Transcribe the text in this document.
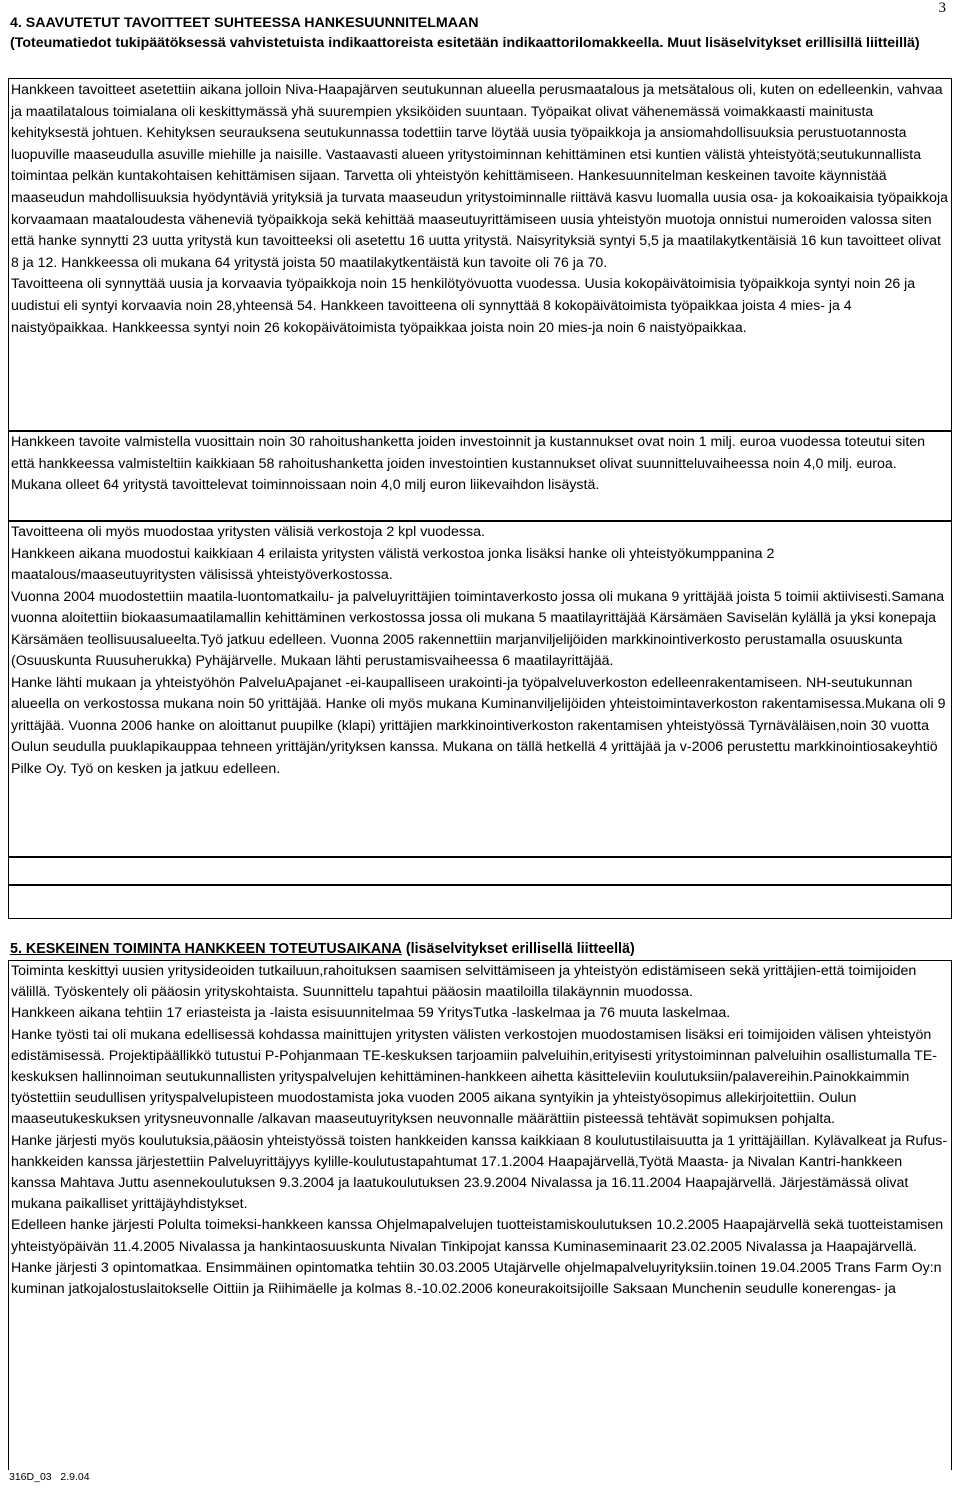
3
4. SAAVUTETUT TAVOITTEET SUHTEESSA HANKESUUNNITELMAAN
(Toteumatiedot tukipäätöksessä vahvistetuista indikaattoreista esitetään indikaattorilomakkeella. Muut lisäselvitykset erillisillä liitteillä)

Hankkeen tavoitteet asetettiin aikana jolloin Niva-Haapajärven seutukunnan alueella perusmaatalous ja metsätalous oli, kuten on edelleenkin, vahvaa ja maatilatalous toimialana oli keskittymässä yhä suurempien yksiköiden suuntaan. Työpaikat olivat vähenemässä voimakkaasti mainitusta kehityksestä johtuen. Kehityksen seurauksena seutukunnassa todettiin tarve löytää uusia työpaikkoja ja ansiomahdollisuuksia perustuotannosta luopuville maaseudulla asuville miehille ja naisille. Vastaavasti alueen yritystoiminnan kehittäminen etsi kuntien välistä yhteistyötä;seutukunnallista toimintaa pelkän kuntakohtaisen kehittämisen sijaan. Tarvetta oli yhteistyön kehittämiseen. Hankesuunnitelman keskeinen tavoite käynnistää maaseudun mahdollisuuksia hyödyntäviä yrityksiä ja turvata maaseudun yritystoiminnalle riittävä kasvu luomalla uusia osa- ja kokoaikaisia työpaikkoja korvaamaan maataloudesta väheneviä työpaikkoja sekä kehittää maaseutuyrittämiseen uusia yhteistyön muotoja onnistui numeroiden valossa siten että hanke synnytti 23 uutta yritystä kun tavoitteeksi oli asetettu 16 uutta yritystä. Naisyrityksiä syntyi 5,5 ja maatilakytkentäisiä 16 kun tavoitteet olivat 8 ja 12. Hankkeessa oli mukana 64 yritystä joista 50 maatilakytkentäistä kun tavoite oli 76 ja 70.

Tavoitteena oli synnyttää uusia ja korvaavia työpaikkoja noin 15 henkilötyövuotta vuodessa. Uusia kokopäivätoimisia työpaikkoja syntyi noin 26 ja uudistui eli syntyi korvaavia noin 28,yhteensä 54. Hankkeen tavoitteena oli synnyttää 8 kokopäivätoimista työpaikkaa joista 4 mies- ja 4 naistyöpaikkaa. Hankkeessa syntyi noin 26 kokopäivätoimista työpaikkaa joista noin 20 mies-ja noin 6 naistyöpaikkaa.

Hankkeen tavoite valmistella vuosittain noin 30 rahoitushanketta joiden investoinnit ja kustannukset ovat noin 1 milj. euroa vuodessa toteutui siten että hankkeessa valmisteltiin kaikkiaan 58 rahoitushanketta joiden investointien kustannukset olivat suunnitteluvaiheessa noin 4,0 milj. euroa.

Mukana olleet 64 yritystä tavoittelevat toiminnoissaan noin 4,0 milj euron liikevaihdon lisäystä.

Tavoitteena oli myös muodostaa yritysten välisiä verkostoja 2 kpl vuodessa.

Hankkeen aikana muodostui kaikkiaan 4 erilaista yritysten välistä verkostoa jonka lisäksi hanke oli yhteistyökumppanina 2 maatalous/maaseutuyritysten välisissä yhteistyöverkostossa.

Vuonna 2004 muodostettiin maatila-luontomatkailu- ja palveluyrittäjien toimintaverkosto jossa oli mukana 9 yrittäjää joista 5 toimii aktiivisesti.Samana vuonna aloitettiin biokaasumaatilamallin kehittäminen verkostossa jossa oli mukana 5 maatilayrittäjää Kärsämäen Saviselän kylällä ja yksi konepaja Kärsämäen teollisuusalueelta.Työ jatkuu edelleen. Vuonna 2005 rakennettiin marjanviljelijöiden markkinointiverkosto perustamalla osuuskunta (Osuuskunta Ruusuherukka) Pyhäjärvelle. Mukaan lähti perustamisvaiheessa 6 maatilayrittäjää.

Hanke lähti mukaan ja yhteistyöhön PalveluApajanet -ei-kaupalliseen urakointi-ja työpalveluverkoston edelleenrakentamiseen. NH-seutukunnan alueella on verkostossa mukana noin 50 yrittäjää. Hanke oli myös mukana Kuminanviljelijöiden yhteistoimintaverkoston rakentamisessa.Mukana oli 9 yrittäjää. Vuonna 2006 hanke on aloittanut puupilke (klapi) yrittäjien markkinointiverkoston rakentamisen yhteistyössä Tyrnäväläisen,noin 30 vuotta Oulun seudulla puuklapikauppaa tehneen yrittäjän/yrityksen kanssa. Mukana on tällä hetkellä 4 yrittäjää ja v-2006 perustettu markkinointiosakeyhtiö Pilke Oy. Työ on kesken ja jatkuu edelleen.

5. KESKEINEN TOIMINTA HANKKEEN TOTEUTUSAIKANA (lisäselvitykset erillisellä liitteellä)

Toiminta keskittyi uusien yritysideoiden tutkailuun,rahoituksen saamisen selvittämiseen ja yhteistyön edistämiseen sekä yrittäjien-että toimijoiden välillä. Työskentely oli pääosin yrityskohtaista. Suunnittelu tapahtui pääosin maatiloilla tilakäynnin muodossa.

Hankkeen aikana tehtiin 17 eriasteista ja -laista esisuunnitelmaa 59 YritysTutka -laskelmaa ja 76 muuta laskelmaa.

Hanke työsti tai oli mukana edellisessä kohdassa mainittujen yritysten välisten verkostojen muodostamisen lisäksi eri toimijoiden välisen yhteistyön edistämisessä. Projektipäällikkö tutustui P-Pohjanmaan TE-keskuksen tarjoamiin palveluihin,erityisesti yritystoiminnan palveluihin osallistumalla TE-keskuksen hallinnoiman seutukunnallisten yrityspalvelujen kehittäminen-hankkeen aihetta käsitteleviin koulutuksiin/palavereihin.Painokkaimmin työstettiin seudullisen yrityspalvelupisteen muodostamista joka vuoden 2005 aikana syntyikin ja yhteistyösopimus allekirjoitettiin. Oulun maaseutukeskuksen yritysneuvonnalle /alkavan maaseutuyrityksen neuvonnalle määrättiin pisteessä tehtävät sopimuksen pohjalta.

Hanke järjesti myös koulutuksia,pääosin yhteistyössä toisten hankkeiden kanssa kaikkiaan 8 koulutustilaisuutta ja 1 yrittäjäillan. Kylävalkeat ja Rufus-hankkeiden kanssa järjestettiin Palveluyrittäjyys kylille-koulutustapahtumat 17.1.2004 Haapajärvellä,Työtä Maasta- ja Nivalan Kantri-hankkeen kanssa Mahtava Juttu asennekoulutuksen 9.3.2004 ja laatukoulutuksen 23.9.2004 Nivalassa ja 16.11.2004 Haapajärvellä. Järjestämässä olivat mukana paikalliset yrittäjäyhdistykset.

Edelleen hanke järjesti Polulta toimeksi-hankkeen kanssa Ohjelmapalvelujen tuotteistamiskoulutuksen 10.2.2005 Haapajärvellä sekä tuotteistamisen yhteistyöpäivän 11.4.2005 Nivalassa ja hankintaosuuskunta Nivalan Tinkipojat kanssa Kuminaseminaarit 23.02.2005 Nivalassa ja Haapajärvellä.

Hanke järjesti 3 opintomatkaa. Ensimmäinen opintomatka tehtiin 30.03.2005 Utajärvelle ohjelmapalveluyrityksiin.toinen 19.04.2005 Trans Farm Oy:n kuminan jatkojalostuslaitokselle Oittiin ja Riihimäelle ja kolmas 8.-10.02.2006 koneurakoitsijoille Saksaan Munchenin seudulle konerengas- ja

316D_03 2.9.04
